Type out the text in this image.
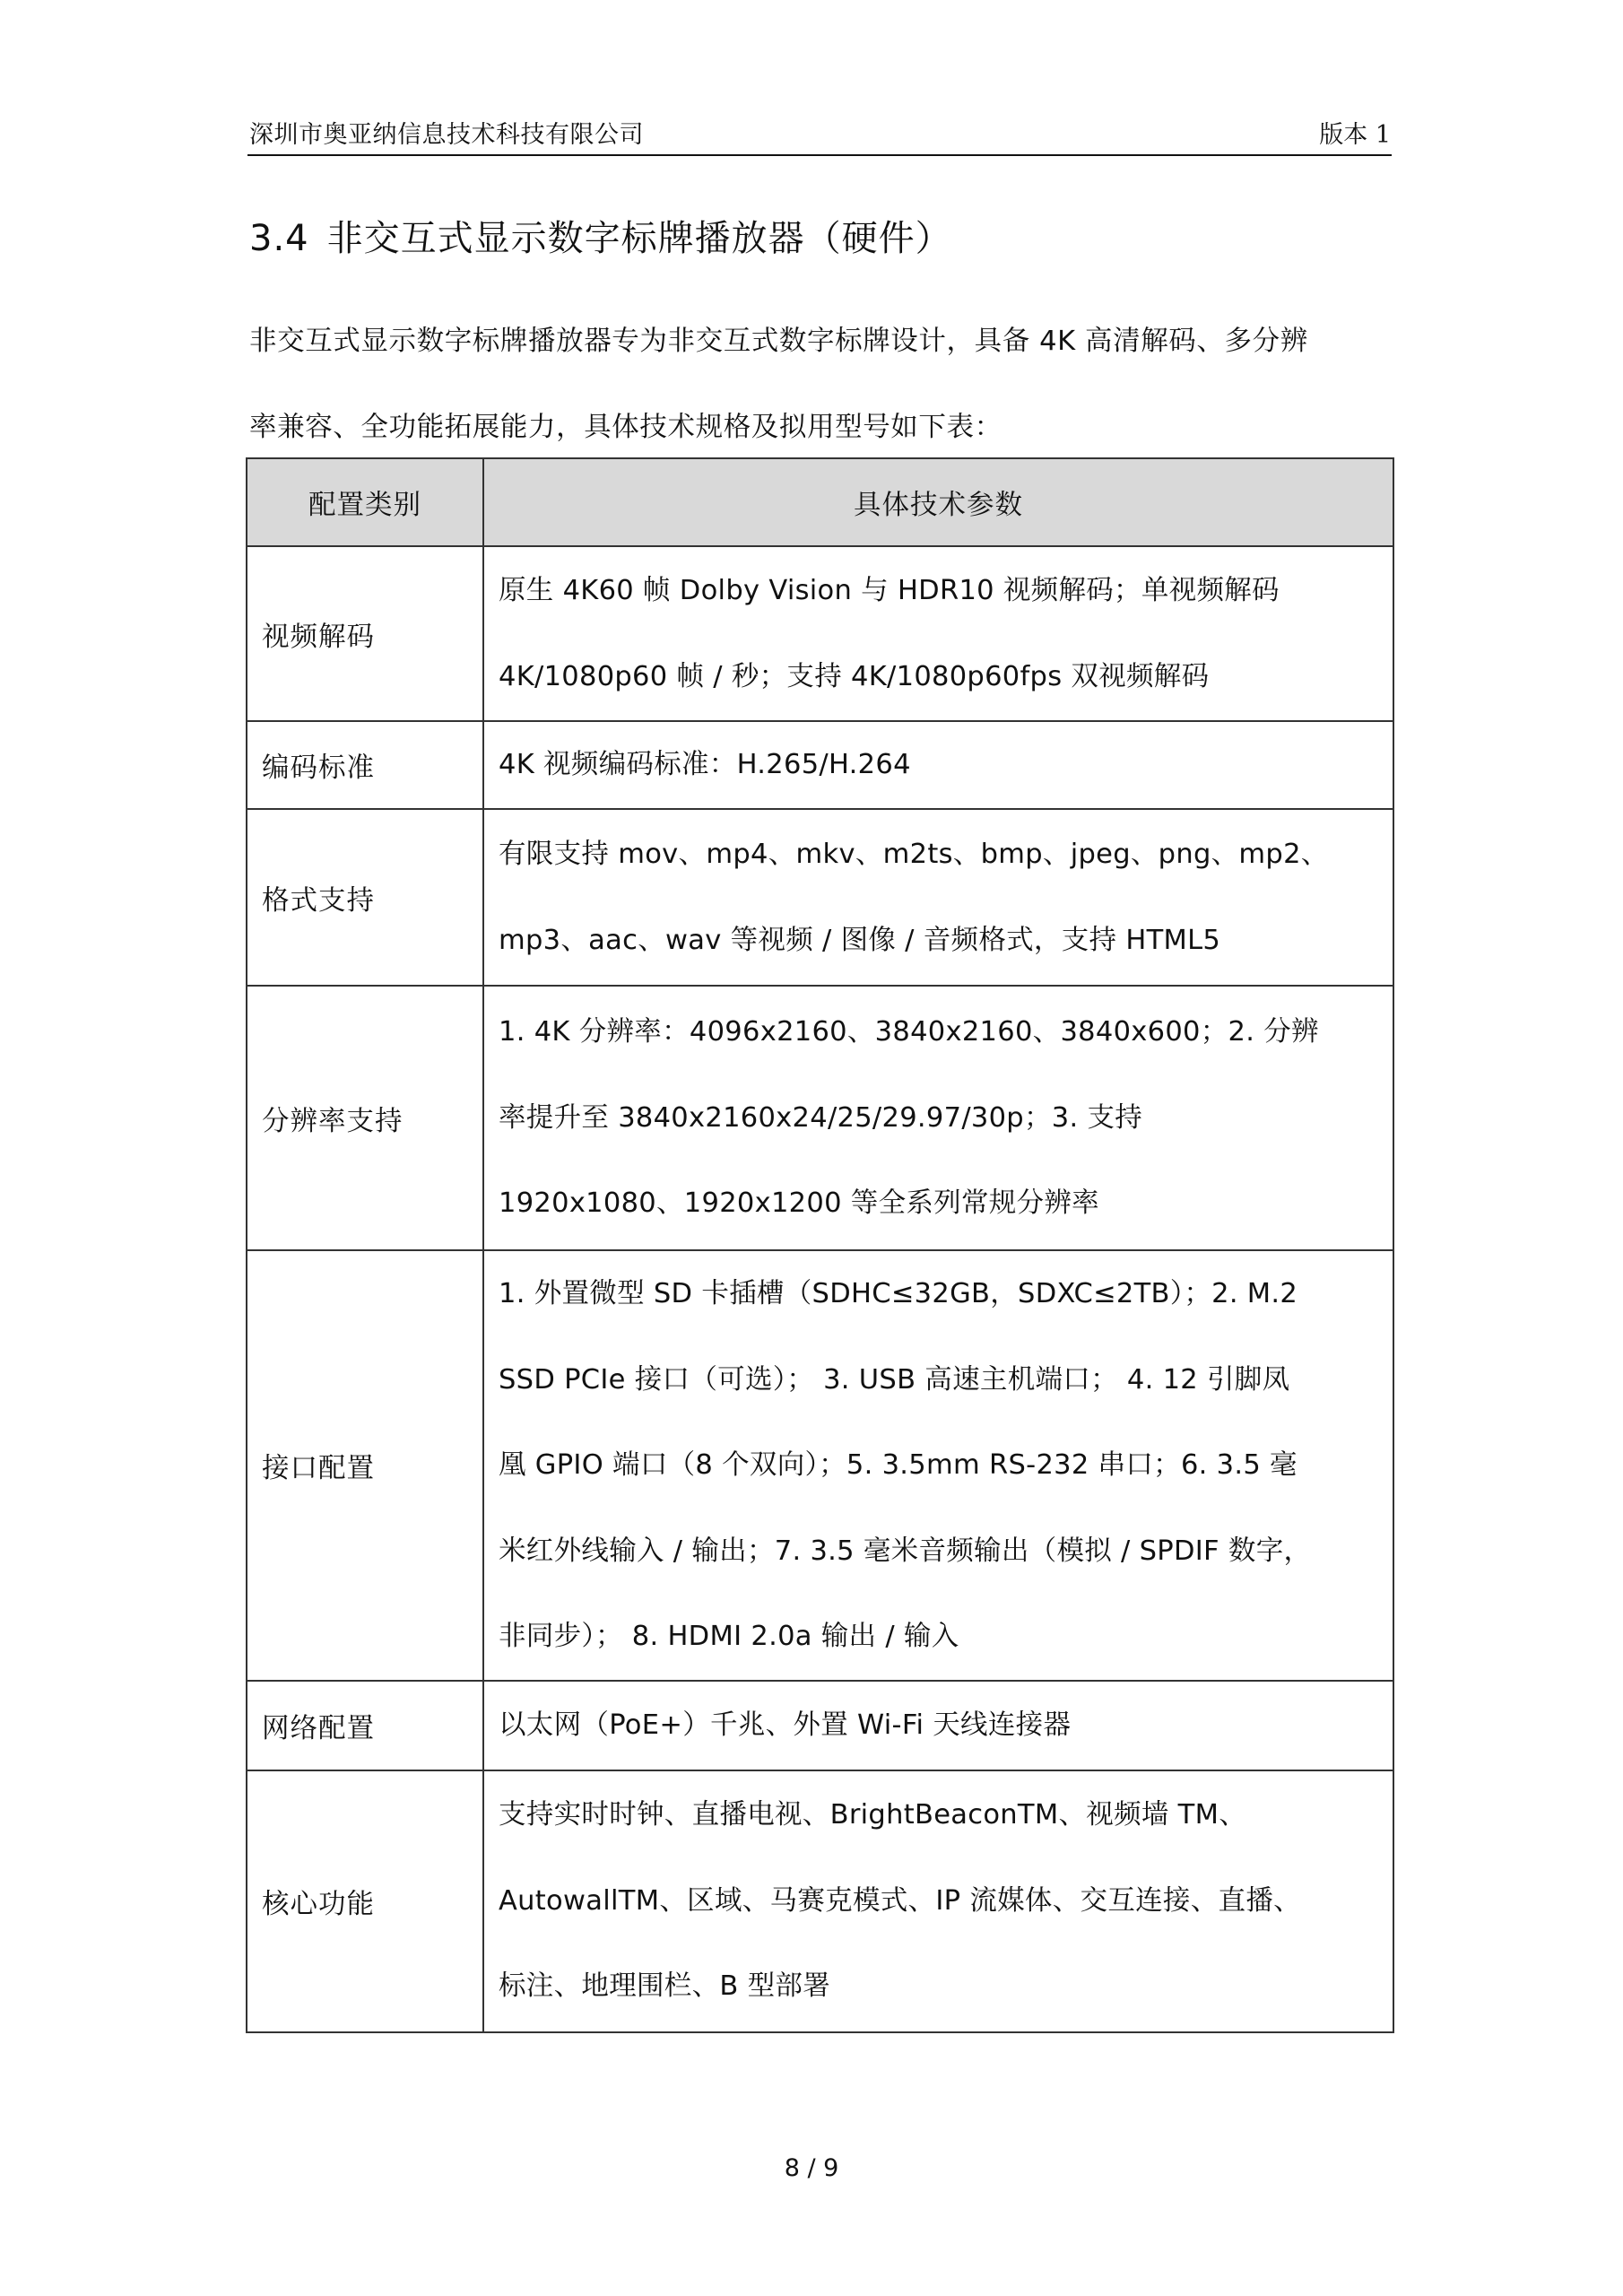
深圳市奥亚纳信息技术科技有限公司	版本 1
3.4 非交互式显示数字标牌播放器（硬件）
非交互式显示数字标牌播放器专为非交互式数字标牌设计，具备 4K 高清解码、多分辨
率兼容、全功能拓展能力，具体技术规格及拟用型号如下表：
配置类别	具体技术参数
视频解码	原生 4K60 帧 Dolby Vision 与 HDR10 视频解码；单视频解码
4K/1080p60 帧 / 秒；支持 4K/1080p60fps 双视频解码

编码标准	4K 视频编码标准：H.265/H.264

格式支持	有限支持 mov、mp4、mkv、m2ts、bmp、jpeg、png、mp2、
mp3、aac、wav 等视频 / 图像 / 音频格式，支持 HTML5

分辨率支持	1. 4K 分辨率：4096x2160、3840x2160、3840x600；2. 分辨
率提升至 3840x2160x24/25/29.97/30p；3. 支持
1920x1080、1920x1200 等全系列常规分辨率

接口配置	1. 外置微型 SD 卡插槽（SDHC≤32GB，SDXC≤2TB）；2. M.2
SSD PCIe 接口（可选）； 3. USB 高速主机端口； 4. 12 引脚凤
凰 GPIO 端口（8 个双向）；5. 3.5mm RS-232 串口；6. 3.5 毫
米红外线输入 / 输出；7. 3.5 毫米音频输出（模拟 / SPDIF 数字，
非同步）； 8. HDMI 2.0a 输出 / 输入

网络配置	以太网（PoE+）千兆、外置 Wi-Fi 天线连接器

核心功能	支持实时时钟、直播电视、BrightBeaconTM、视频墙 TM、
AutowallTM、区域、马赛克模式、IP 流媒体、交互连接、直播、
标注、地理围栏、B 型部署
8 / 9
